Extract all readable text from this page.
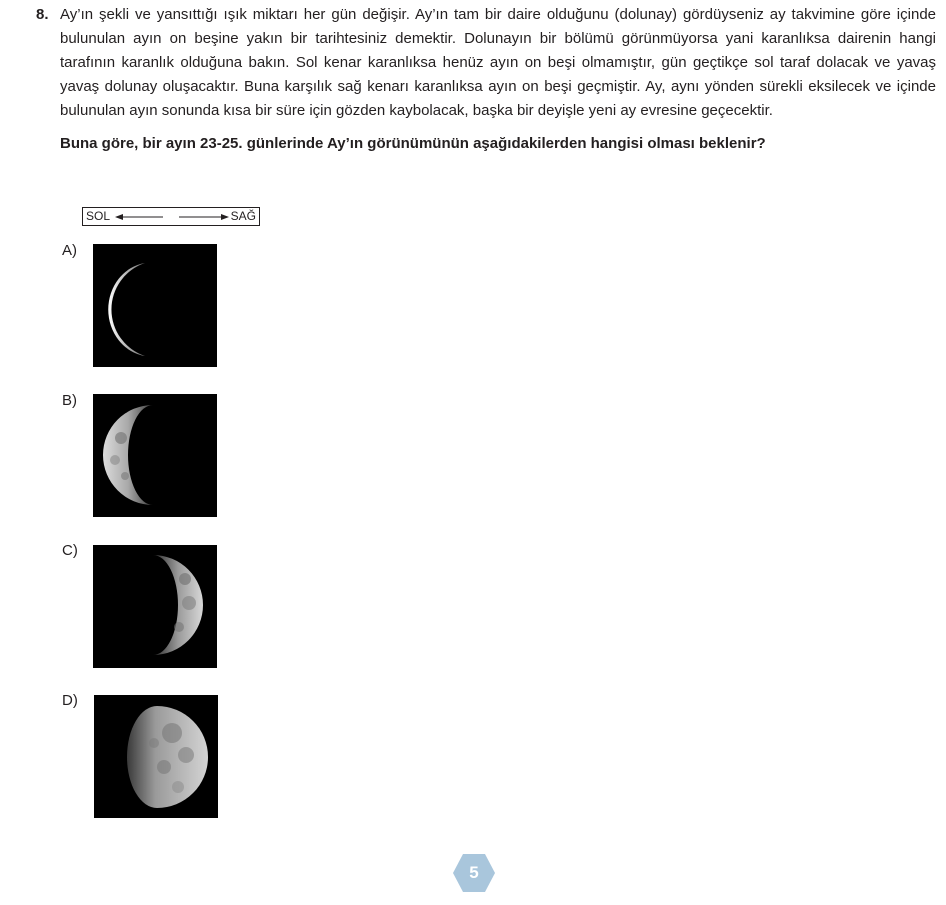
8. Ay’ın şekli ve yansıttığı ışık miktarı her gün değişir. Ay’ın tam bir daire olduğunu (dolunay) gördüyseniz ay takvimine göre içinde bulunulan ayın on beşine yakın bir tarihtesiniz demektir. Dolunayın bir bölümü görünmüyorsa yani karanlıksa dairenin hangi tarafının karanlık olduğuna bakın. Sol kenar karanlıksa henüz ayın on beşi olmamıştır, gün geçtikçe sol taraf dolacak ve yavaş yavaş dolunay oluşacaktır. Buna karşılık sağ kenarı karanlıksa ayın on beşi geçmiştir. Ay, aynı yönden sürekli eksilecek ve içinde bulunulan ayın sonunda kısa bir süre için gözden kaybolacak, başka bir deyişle yeni ay evresine geçecektir.

Buna göre, bir ayın 23-25. günlerinde Ay’ın görünümünün aşağıdakilerden hangisi olması beklenir?

SOL	SAĞ
A)
B)
C)
D)
5
